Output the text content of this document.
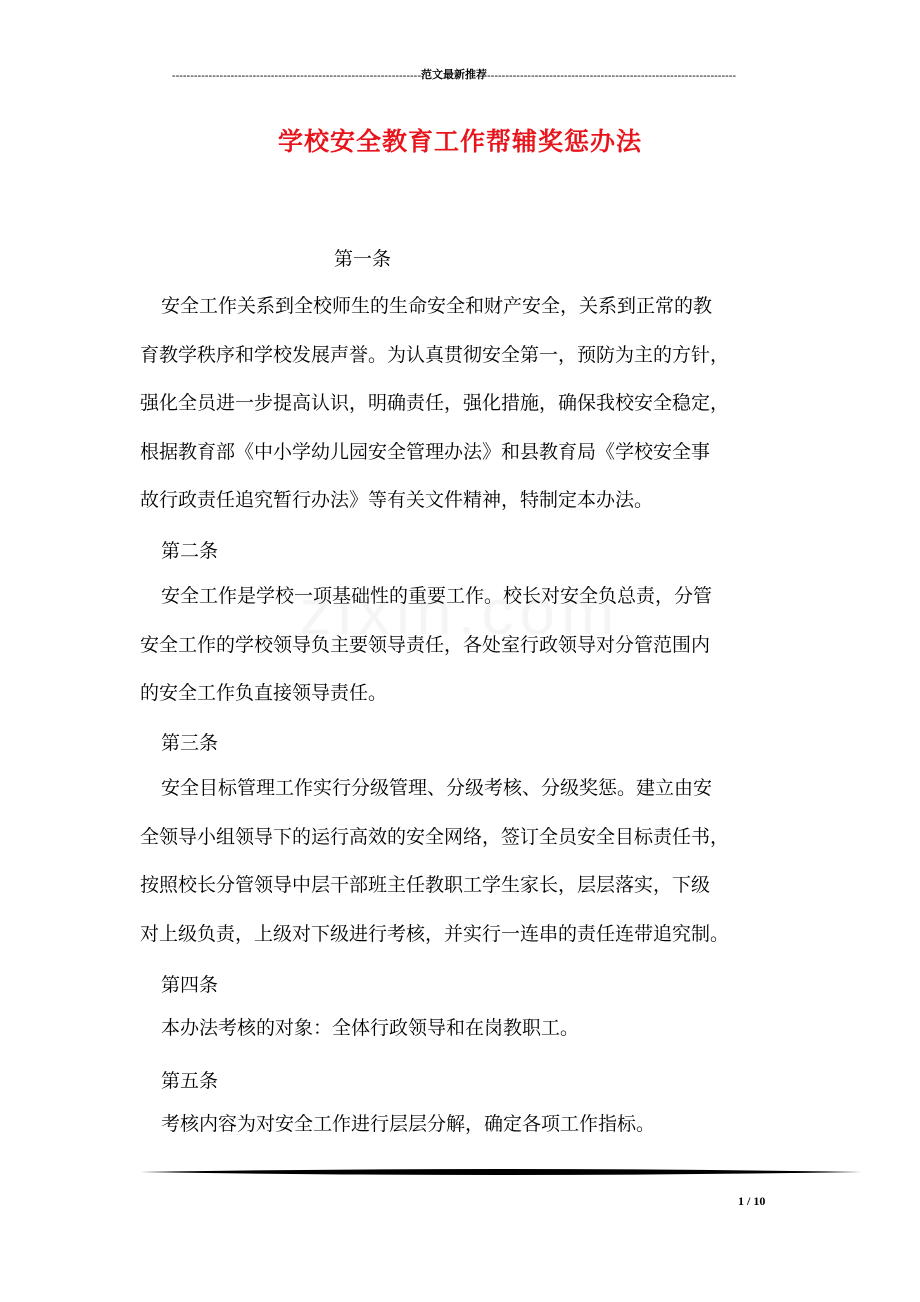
--------------------------------------------------------------------范文最新推荐--------------------------------------------------------------------
学校安全教育工作帮辅奖惩办法
第一条
安全工作关系到全校师生的生命安全和财产安全，关系到正常的教
育教学秩序和学校发展声誉。为认真贯彻安全第一，预防为主的方针，
强化全员进一步提高认识，明确责任，强化措施，确保我校安全稳定，
根据教育部《中小学幼儿园安全管理办法》和县教育局《学校安全事
故行政责任追究暂行办法》等有关文件精神，特制定本办法。
第二条
安全工作是学校一项基础性的重要工作。校长对安全负总责，分管
安全工作的学校领导负主要领导责任，各处室行政领导对分管范围内
的安全工作负直接领导责任。
第三条
安全目标管理工作实行分级管理、分级考核、分级奖惩。建立由安
全领导小组领导下的运行高效的安全网络，签订全员安全目标责任书，
按照校长分管领导中层干部班主任教职工学生家长，层层落实，下级
对上级负责，上级对下级进行考核，并实行一连串的责任连带追究制。
第四条
本办法考核的对象：全体行政领导和在岗教职工。
第五条
考核内容为对安全工作进行层层分解，确定各项工作指标。
1 / 10
